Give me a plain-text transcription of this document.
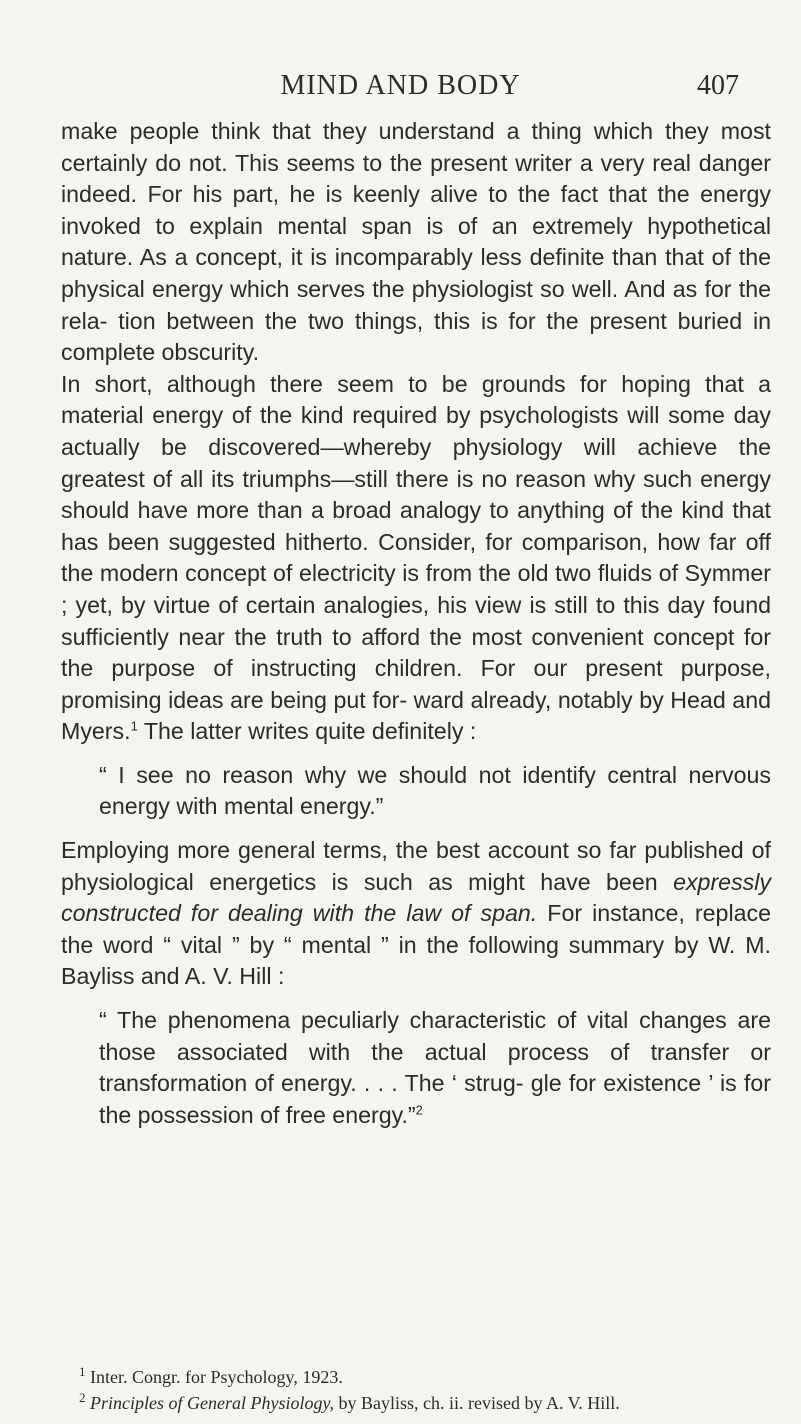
MIND AND BODY	407

make people think that they understand a thing which they most certainly do not. This seems to the present writer a very real danger indeed. For his part, he is keenly alive to the fact that the energy invoked to explain mental span is of an extremely hypothetical nature. As a concept, it is incomparably less definite than that of the physical energy which serves the physiologist so well. And as for the rela- tion between the two things, this is for the present buried in complete obscurity.

In short, although there seem to be grounds for hoping that a material energy of the kind required by psychologists will some day actually be discovered—whereby physiology will achieve the greatest of all its triumphs—still there is no reason why such energy should have more than a broad analogy to anything of the kind that has been suggested hitherto. Consider, for comparison, how far off the modern concept of electricity is from the old two fluids of Symmer ; yet, by virtue of certain analogies, his view is still to this day found sufficiently near the truth to afford the most convenient concept for the purpose of instructing children. For our present purpose, promising ideas are being put for- ward already, notably by Head and Myers.$^1$ The latter writes quite definitely :

“ I see no reason why we should not identify central nervous energy with mental energy.”

Employing more general terms, the best account so far published of physiological energetics is such as might have been expressly constructed for dealing with the law of span. For instance, replace the word “ vital ” by “ mental ” in the following summary by W. M. Bayliss and A. V. Hill :

“ The phenomena peculiarly characteristic of vital changes are those associated with the actual process of transfer or transformation of energy. . . . The ‘ strug- gle for existence ’ is for the possession of free energy.”$^2$

$^1$ Inter. Congr. for Psychology, 1923.

$^2$ Principles of General Physiology, by Bayliss, ch. ii. revised by A. V. Hill.
